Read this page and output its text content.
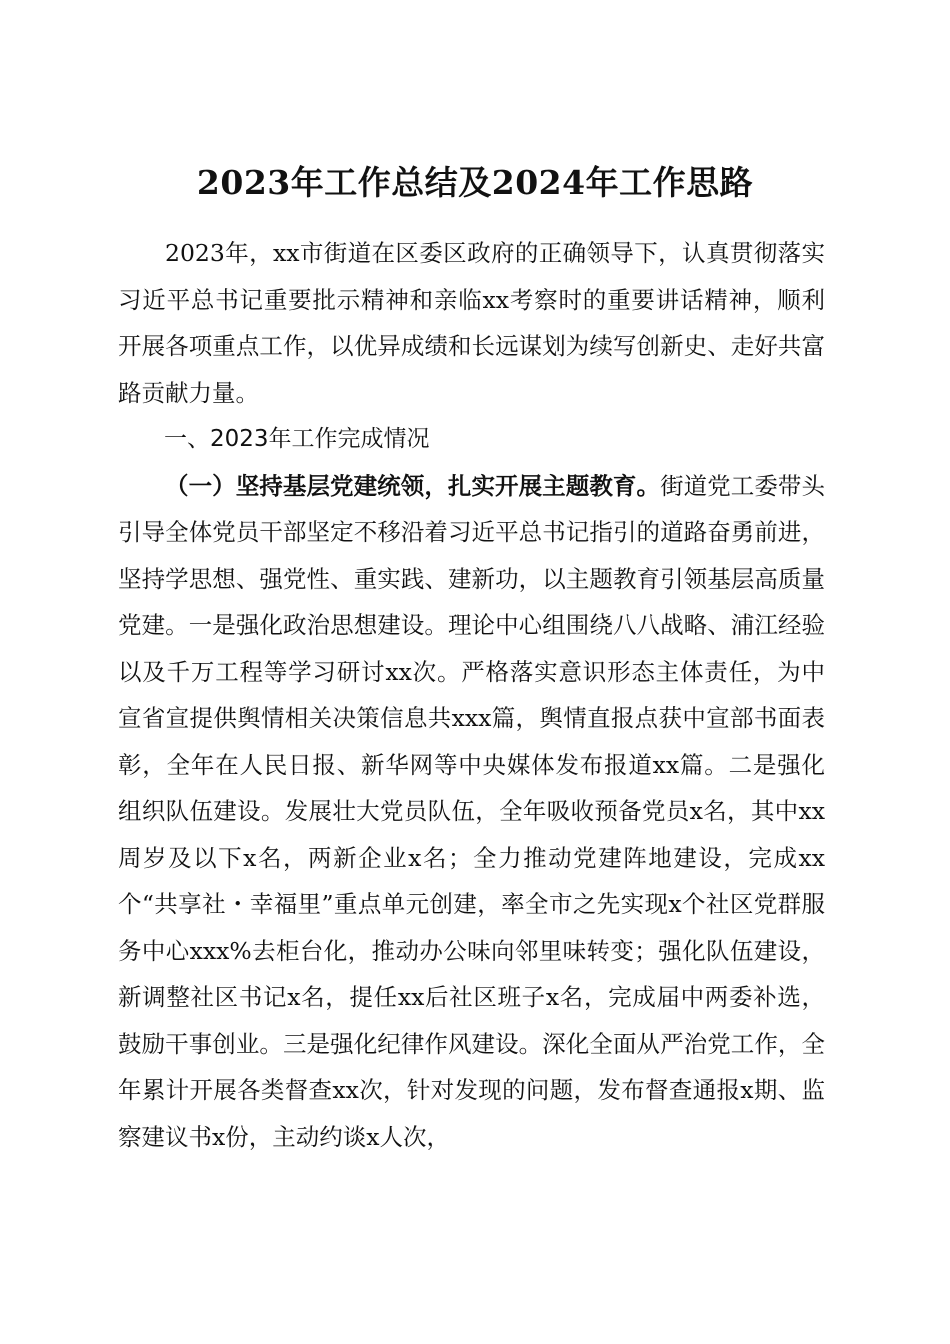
2023年工作总结及2024年工作思路

2023年，xx市街道在区委区政府的正确领导下，认真贯彻落实习近平总书记重要批示精神和亲临xx考察时的重要讲话精神，顺利开展各项重点工作，以优异成绩和长远谋划为续写创新史、走好共富路贡献力量。

一、2023年工作完成情况

（一）坚持基层党建统领，扎实开展主题教育。街道党工委带头引导全体党员干部坚定不移沿着习近平总书记指引的道路奋勇前进，坚持学思想、强党性、重实践、建新功，以主题教育引领基层高质量党建。一是强化政治思想建设。理论中心组围绕八八战略、浦江经验以及千万工程等学习研讨xx次。严格落实意识形态主体责任，为中宣省宣提供舆情相关决策信息共xxx篇，舆情直报点获中宣部书面表彰，全年在人民日报、新华网等中央媒体发布报道xx篇。二是强化组织队伍建设。发展壮大党员队伍，全年吸收预备党员x名，其中xx周岁及以下x名，两新企业x名；全力推动党建阵地建设，完成xx个“共享社・幸福里”重点单元创建，率全市之先实现x个社区党群服务中心xxx%去柜台化，推动办公味向邻里味转变；强化队伍建设，新调整社区书记x名，提任xx后社区班子x名，完成届中两委补选，鼓励干事创业。三是强化纪律作风建设。深化全面从严治党工作，全年累计开展各类督查xx次，针对发现的问题，发布督查通报x期、监察建议书x份，主动约谈x人次，
